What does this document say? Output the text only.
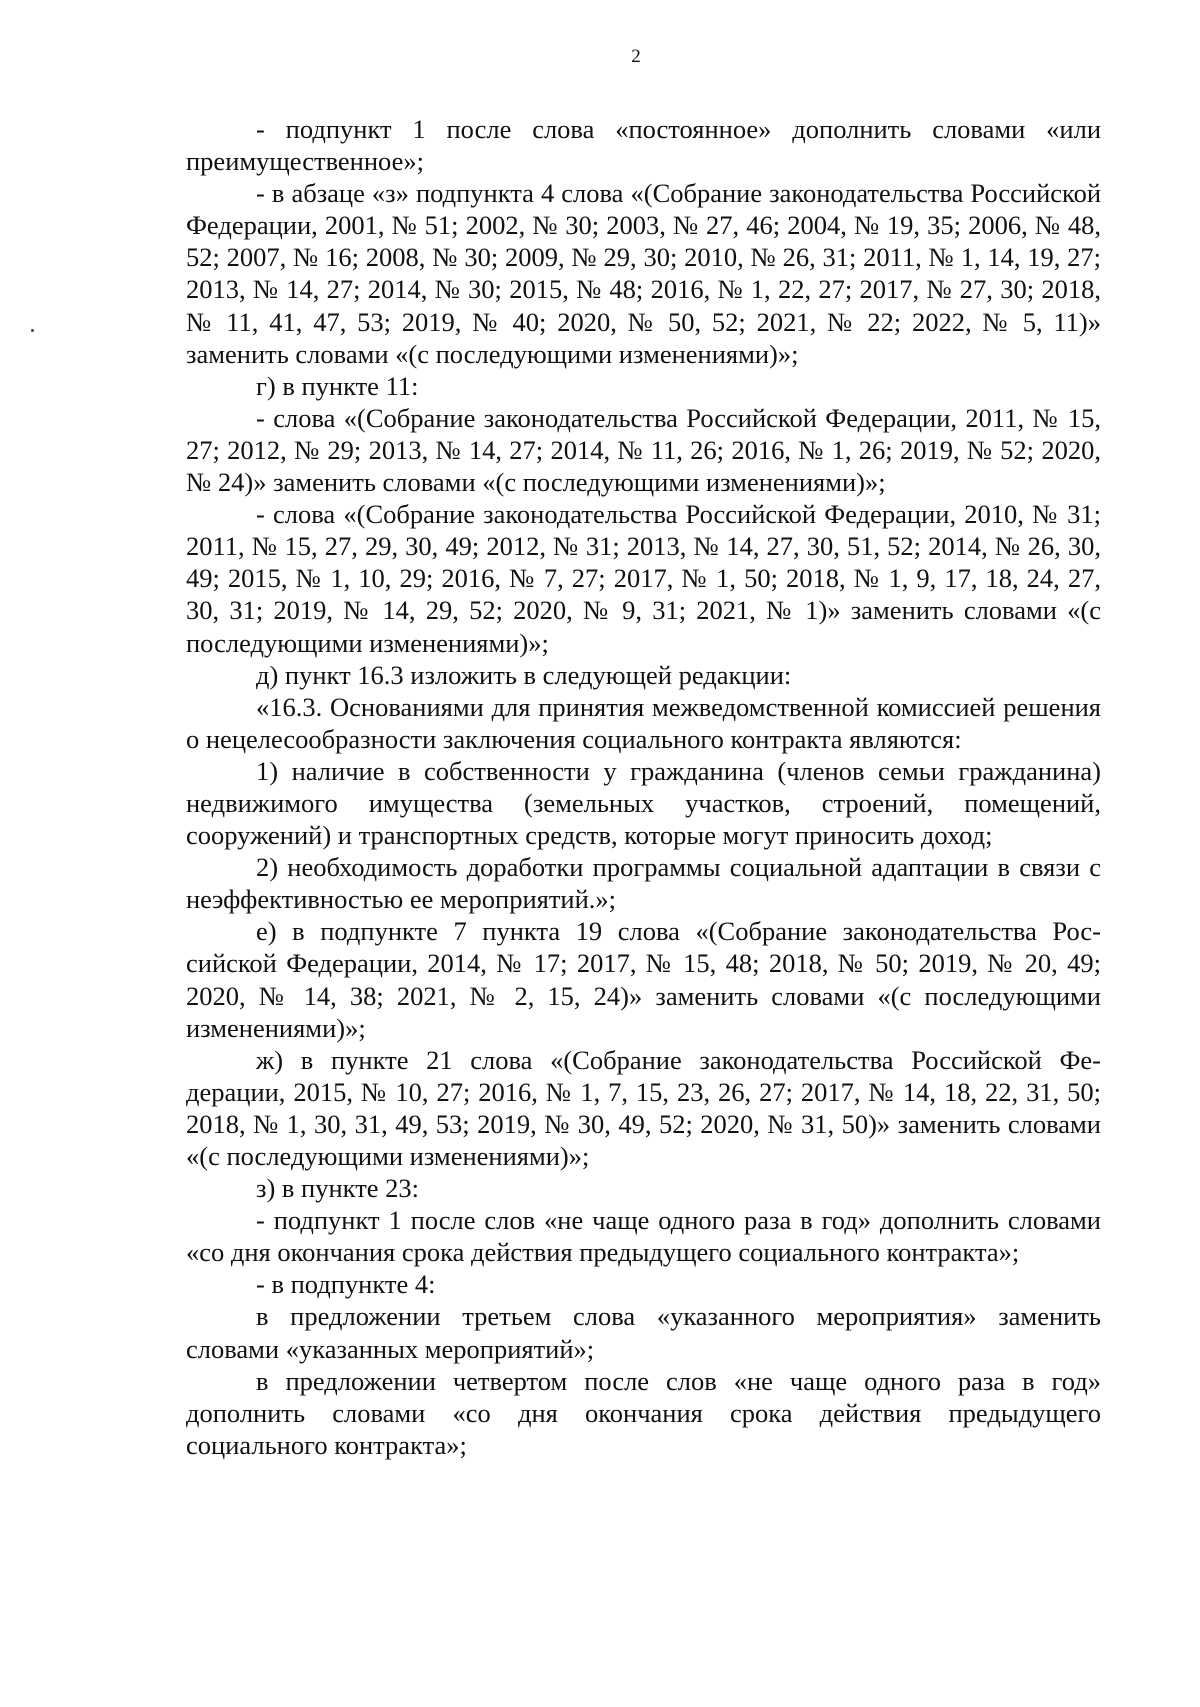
2

- подпункт 1 после слова «постоянное» дополнить словами «или преимущественное»;

- в абзаце «з» подпункта 4 слова «(Собрание законодательства Российской Федерации, 2001, № 51; 2002, № 30; 2003, № 27, 46; 2004, № 19, 35; 2006, № 48, 52; 2007, № 16; 2008, № 30; 2009, № 29, 30; 2010, № 26, 31; 2011, № 1, 14, 19, 27; 2013, № 14, 27; 2014, № 30; 2015, № 48; 2016, № 1, 22, 27; 2017, № 27, 30; 2018, № 11, 41, 47, 53; 2019, № 40; 2020, № 50, 52; 2021, № 22; 2022, № 5, 11)» заменить словами «(с последующими изменениями)»;

г) в пункте 11:

- слова «(Собрание законодательства Российской Федерации, 2011, № 15, 27; 2012, № 29; 2013, № 14, 27; 2014, № 11, 26; 2016, № 1, 26; 2019, № 52; 2020, № 24)» заменить словами «(с последующими изменениями)»;

- слова «(Собрание законодательства Российской Федерации, 2010, № 31; 2011, № 15, 27, 29, 30, 49; 2012, № 31; 2013, № 14, 27, 30, 51, 52; 2014, № 26, 30, 49; 2015, № 1, 10, 29; 2016, № 7, 27; 2017, № 1, 50; 2018, № 1, 9, 17, 18, 24, 27, 30, 31; 2019, № 14, 29, 52; 2020, № 9, 31; 2021, № 1)» заменить словами «(с последующими изменениями)»;

д) пункт 16.3 изложить в следующей редакции:

«16.3. Основаниями для принятия межведомственной комиссией решения о нецелесообразности заключения социального контракта являются:

1) наличие в собственности у гражданина (членов семьи гражданина) недвижимого имущества (земельных участков, строений, помещений, сооружений) и транспортных средств, которые могут приносить доход;

2) необходимость доработки программы социальной адаптации в связи с неэффективностью ее мероприятий.»;

е) в подпункте 7 пункта 19 слова «(Собрание законодательства Российской Федерации, 2014, № 17; 2017, № 15, 48; 2018, № 50; 2019, № 20, 49; 2020, № 14, 38; 2021, № 2, 15, 24)» заменить словами «(с последующими изменениями)»;

ж) в пункте 21 слова «(Собрание законодательства Российской Федерации, 2015, № 10, 27; 2016, № 1, 7, 15, 23, 26, 27; 2017, № 14, 18, 22, 31, 50; 2018, № 1, 30, 31, 49, 53; 2019, № 30, 49, 52; 2020, № 31, 50)» заменить словами «(с последующими изменениями)»;

з) в пункте 23:

- подпункт 1 после слов «не чаще одного раза в год» дополнить словами «со дня окончания срока действия предыдущего социального контракта»;

- в подпункте 4:

в предложении третьем слова «указанного мероприятия» заменить словами «указанных мероприятий»;

в предложении четвертом после слов «не чаще одного раза в год» дополнить словами «со дня окончания срока действия предыдущего социального контракта»;
